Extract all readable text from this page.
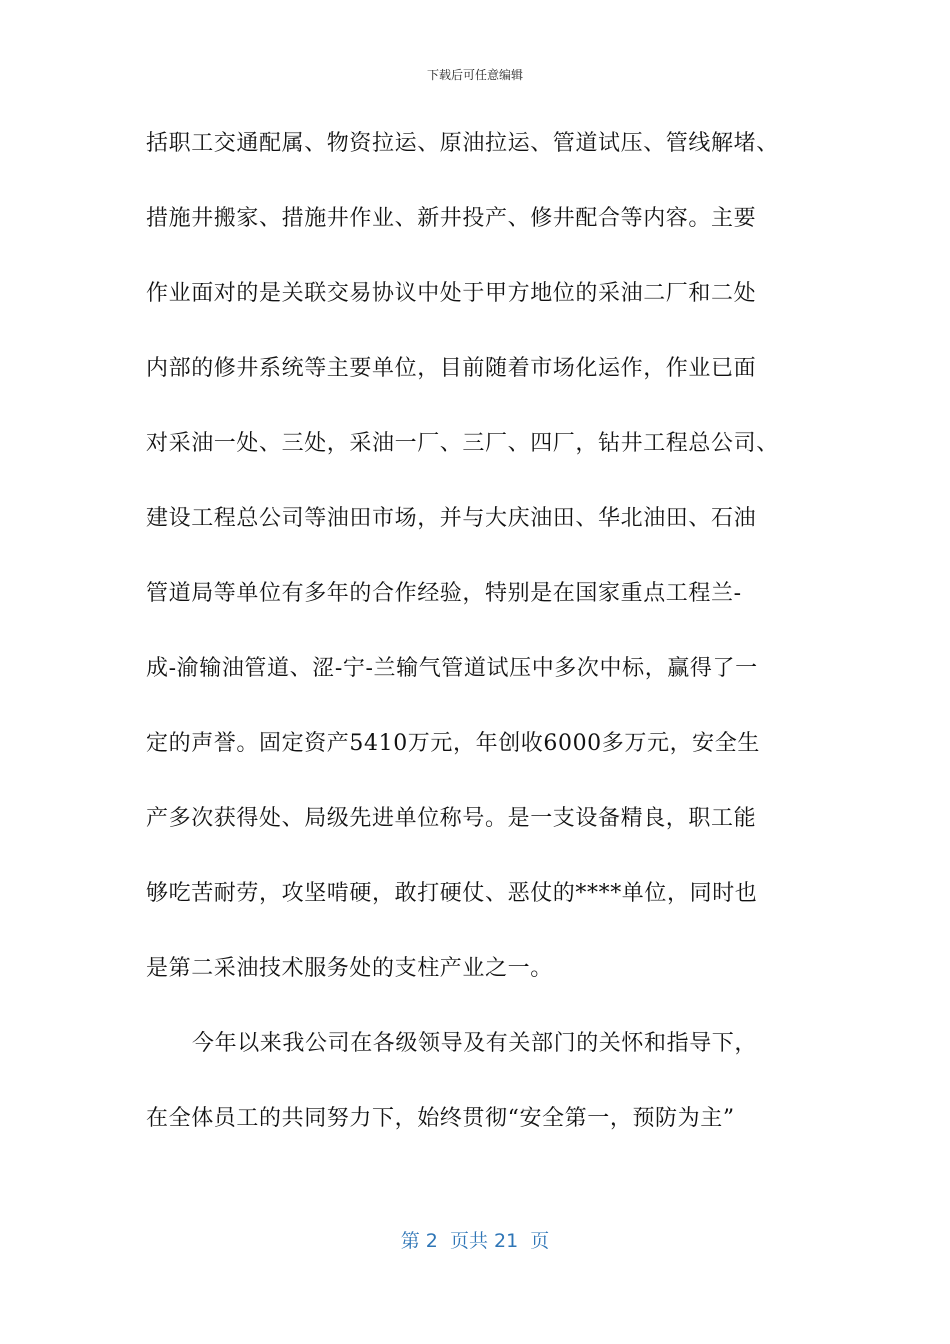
下载后可任意编辑
括职工交通配属、物资拉运、原油拉运、管道试压、管线解堵、
措施井搬家、措施井作业、新井投产、修井配合等内容。主要
作业面对的是关联交易协议中处于甲方地位的采油二厂和二处
内部的修井系统等主要单位，目前随着市场化运作，作业已面
对采油一处、三处，采油一厂、三厂、四厂，钻井工程总公司、
建设工程总公司等油田市场，并与大庆油田、华北油田、石油
管道局等单位有多年的合作经验，特别是在国家重点工程兰-
成-渝输油管道、涩-宁-兰输气管道试压中多次中标，赢得了一
定的声誉。固定资产5410万元，年创收6000多万元，安全生
产多次获得处、局级先进单位称号。是一支设备精良，职工能
够吃苦耐劳，攻坚啃硬，敢打硬仗、恶仗的****单位，同时也
是第二采油技术服务处的支柱产业之一。
今年以来我公司在各级领导及有关部门的关怀和指导下，
在全体员工的共同努力下，始终贯彻“安全第一，预防为主”
第 2  页共 21  页
